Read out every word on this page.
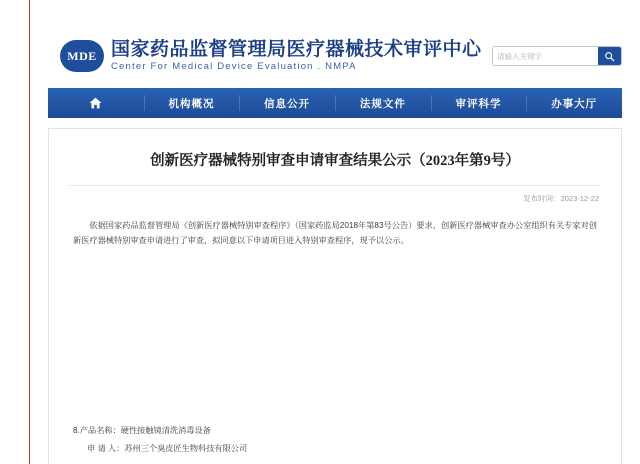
MDE 国家药品监督管理局医疗器械技术审评中心
Center For Medical Device Evaluation . NMPA
请输入关键字
机构概况	信息公开	法规文件	审评科学	办事大厅
创新医疗器械特别审查申请审查结果公示（2023年第9号）
发布时间：2023-12-22
依据国家药品监督管理局《创新医疗器械特别审查程序》（国家药监局2018年第83号公告）要求，创新医疗器械审查办公室组织有关专家对创新医疗器械特别审查申请进行了审查，拟同意以下申请项目进入特别审查程序，现予以公示。
8.产品名称：硬性接触镜清洗消毒设备
申 请 人：苏州三个臭皮匠生物科技有限公司
